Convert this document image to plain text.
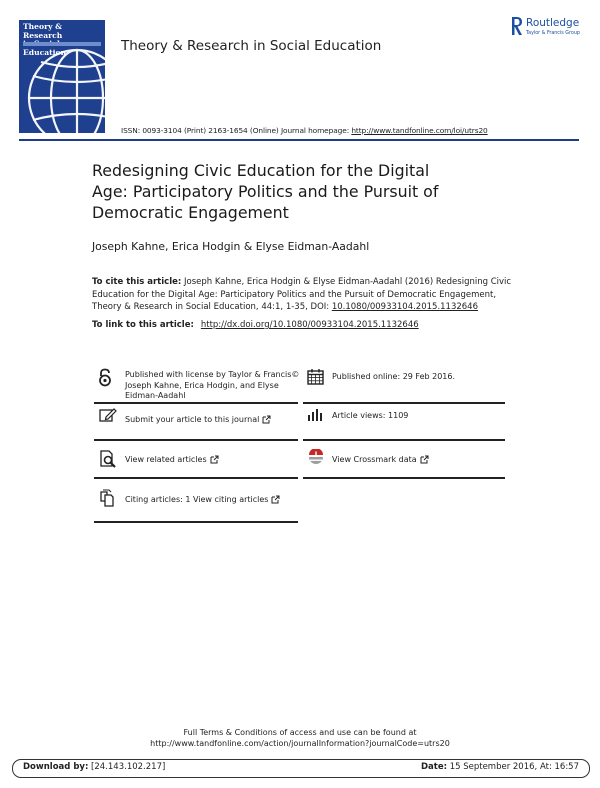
Theory & Research
Education	Theory & Research in Social Education
ISSN: 0093-3104 (Print) 2163-1654 (Online) Journal homepage: http://www.tandfonline.com/loi/utrs20
Routledge
Taylor & Francis Group
Redesigning Civic Education for the Digital
Age: Participatory Politics and the Pursuit of
Democratic Engagement
Joseph Kahne, Erica Hodgin & Elyse Eidman-Aadahl
To cite this article: Joseph Kahne, Erica Hodgin & Elyse Eidman-Aadahl (2016) Redesigning Civic Education for the Digital Age: Participatory Politics and the Pursuit of Democratic Engagement, Theory & Research in Social Education, 44:1, 1-35, DOI: 10.1080/00933104.2015.1132646
To link to this article: http://dx.doi.org/10.1080/00933104.2015.1132646
Published with license by Taylor & Francis©
Joseph Kahne, Erica Hodgin, and Elyse
Eidman-Aadahl
Published online: 29 Feb 2016.
Submit your article to this journal	Article views: 1109
View related articles	View Crossmark data
Citing articles: 1 View citing articles
Full Terms & Conditions of access and use can be found at
http://www.tandfonline.com/action/journalInformation?journalCode=utrs20
Download by: [24.143.102.217]	Date: 15 September 2016, At: 16:57
